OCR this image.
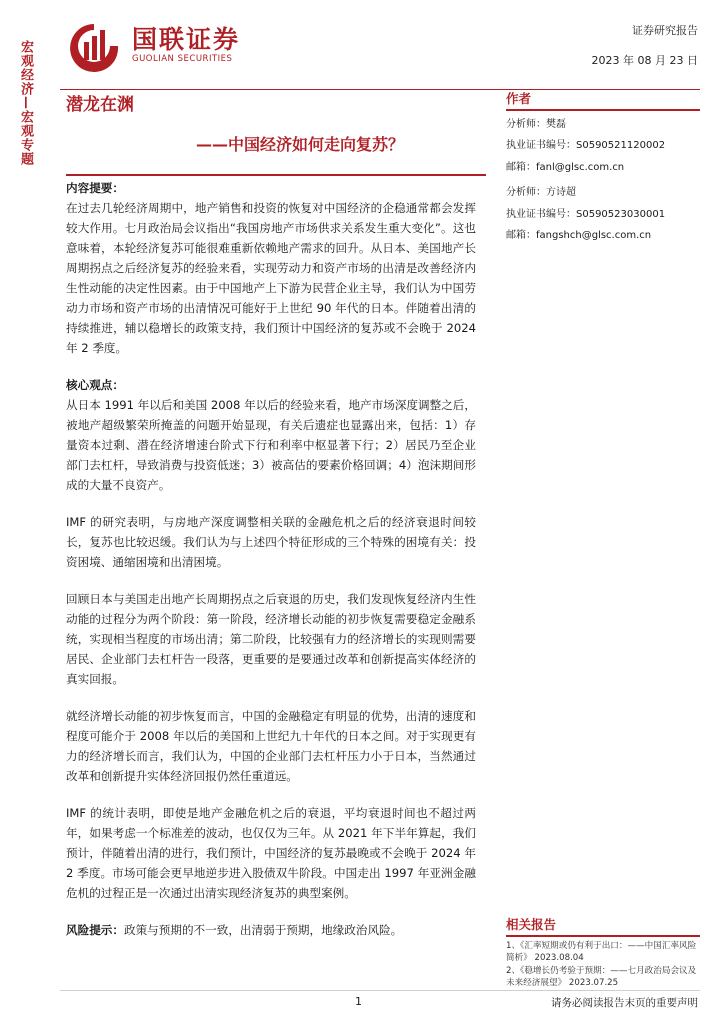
宏观经济—宏观专题
国联证券
GUOLIAN SECURITIES
证券研究报告
2023 年 08 月 23 日
潜龙在渊
——中国经济如何走向复苏？
内容提要：

在过去几轮经济周期中，地产销售和投资的恢复对中国经济的企稳通常都会发挥较大作用。七月政治局会议指出“我国房地产市场供求关系发生重大变化”。这也意味着，本轮经济复苏可能很难重新依赖地产需求的回升。从日本、美国地产长周期拐点之后经济复苏的经验来看，实现劳动力和资产市场的出清是改善经济内生性动能的决定性因素。由于中国地产上下游为民营企业主导，我们认为中国劳动力市场和资产市场的出清情况可能好于上世纪 90 年代的日本。伴随着出清的持续推进，辅以稳增长的政策支持，我们预计中国经济的复苏或不会晚于 2024 年 2 季度。

核心观点：

从日本 1991 年以后和美国 2008 年以后的经验来看，地产市场深度调整之后，被地产超级繁荣所掩盖的问题开始显现，有关后遗症也显露出来，包括：1）存量资本过剩、潜在经济增速台阶式下行和利率中枢显著下行；2）居民乃至企业部门去杠杆，导致消费与投资低迷；3）被高估的要素价格回调；4）泡沫期间形成的大量不良资产。

IMF 的研究表明，与房地产深度调整相关联的金融危机之后的经济衰退时间较长，复苏也比较迟缓。我们认为与上述四个特征形成的三个特殊的困境有关：投资困境、通缩困境和出清困境。

回顾日本与美国走出地产长周期拐点之后衰退的历史，我们发现恢复经济内生性动能的过程分为两个阶段：第一阶段，经济增长动能的初步恢复需要稳定金融系统，实现相当程度的市场出清；第二阶段，比较强有力的经济增长的实现则需要居民、企业部门去杠杆告一段落，更重要的是要通过改革和创新提高实体经济的真实回报。

就经济增长动能的初步恢复而言，中国的金融稳定有明显的优势，出清的速度和程度可能介于 2008 年以后的美国和上世纪九十年代的日本之间。对于实现更有力的经济增长而言，我们认为，中国的企业部门去杠杆压力小于日本，当然通过改革和创新提升实体经济回报仍然任重道远。

IMF 的统计表明，即使是地产金融危机之后的衰退，平均衰退时间也不超过两年，如果考虑一个标准差的波动，也仅仅为三年。从 2021 年下半年算起，我们预计，伴随着出清的进行，我们预计，中国经济的复苏最晚或不会晚于 2024 年 2 季度。市场可能会更早地逆步进入股债双牛阶段。中国走出 1997 年亚洲金融危机的过程正是一次通过出清实现经济复苏的典型案例。

风险提示：政策与预期的不一致，出清弱于预期，地缘政治风险。

作者
分析师：樊磊
执业证书编号：S0590521120002
邮箱：fanl@glsc.com.cn
分析师：方诗超
执业证书编号：S0590523030001
邮箱：fangshch@glsc.com.cn
相关报告
1、《汇率短期或仍有利于出口：——中国汇率风险简析》 2023.08.04
2、《稳增长仍考验于预期：——七月政治局会议及未来经济展望》 2023.07.25
1	请务必阅读报告末页的重要声明
